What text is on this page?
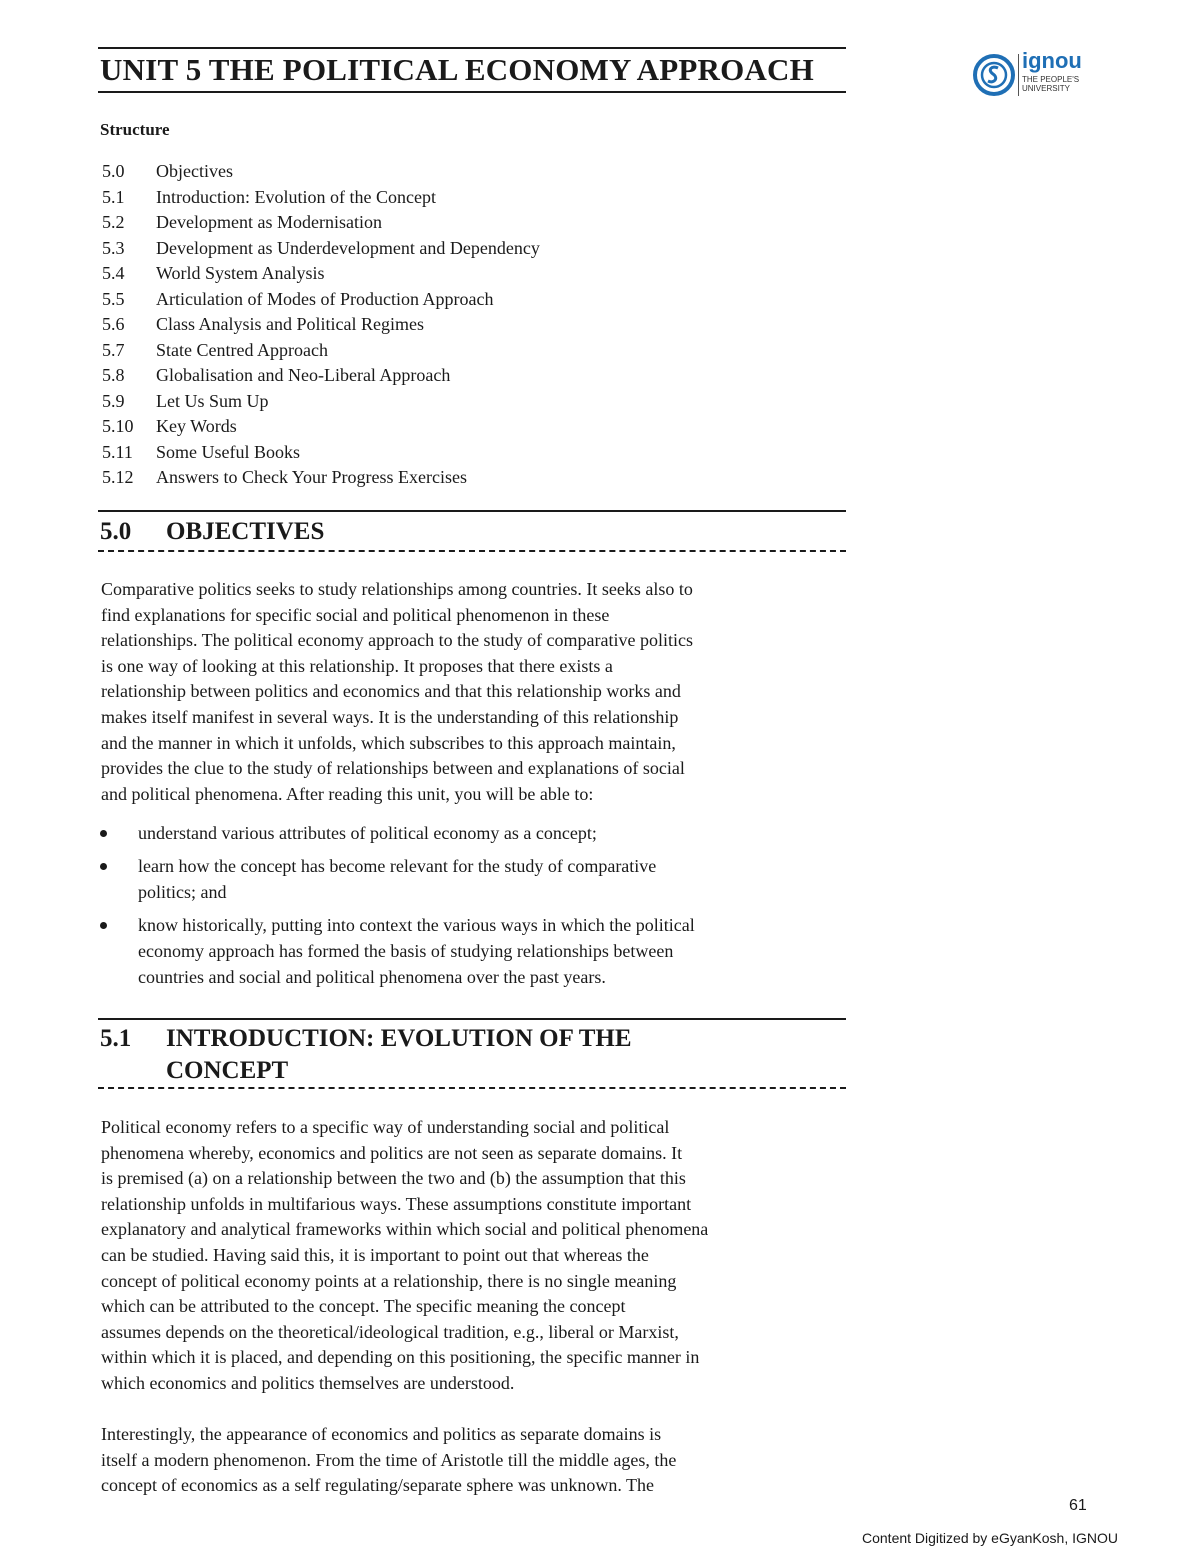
UNIT 5 THE POLITICAL ECONOMY APPROACH	ignou
THE PEOPLE'S
UNIVERSITY
Structure
5.0	Objectives
5.1	Introduction: Evolution of the Concept
5.2	Development as Modernisation
5.3	Development as Underdevelopment and Dependency
5.4	World System Analysis
5.5	Articulation of Modes of Production Approach
5.6	Class Analysis and Political Regimes
5.7	State Centred Approach
5.8	Globalisation and Neo-Liberal Approach
5.9	Let Us Sum Up
5.10	Key Words
5.11	Some Useful Books
5.12	Answers to Check Your Progress Exercises
5.0 OBJECTIVES
Comparative politics seeks to study relationships among countries. It seeks also to
find explanations for specific social and political phenomenon in these
relationships. The political economy approach to the study of comparative politics
is one way of looking at this relationship. It proposes that there exists a
relationship between politics and economics and that this relationship works and
makes itself manifest in several ways. It is the understanding of this relationship
and the manner in which it unfolds, which subscribes to this approach maintain,
provides the clue to the study of relationships between and explanations of social
and political phenomena. After reading this unit, you will be able to:
understand various attributes of political economy as a concept;
learn how the concept has become relevant for the study of comparative
politics; and
know historically, putting into context the various ways in which the political
economy approach has formed the basis of studying relationships between
countries and social and political phenomena over the past years.
5.1 INTRODUCTION: EVOLUTION OF THE
CONCEPT
Political economy refers to a specific way of understanding social and political
phenomena whereby, economics and politics are not seen as separate domains. It
is premised (a) on a relationship between the two and (b) the assumption that this
relationship unfolds in multifarious ways. These assumptions constitute important
explanatory and analytical frameworks within which social and political phenomena
can be studied. Having said this, it is important to point out that whereas the
concept of political economy points at a relationship, there is no single meaning
which can be attributed to the concept. The specific meaning the concept
assumes depends on the theoretical/ideological tradition, e.g., liberal or Marxist,
within which it is placed, and depending on this positioning, the specific manner in
which economics and politics themselves are understood.
Interestingly, the appearance of economics and politics as separate domains is
itself a modern phenomenon. From the time of Aristotle till the middle ages, the
concept of economics as a self regulating/separate sphere was unknown. The
61
Content Digitized by eGyanKosh, IGNOU
